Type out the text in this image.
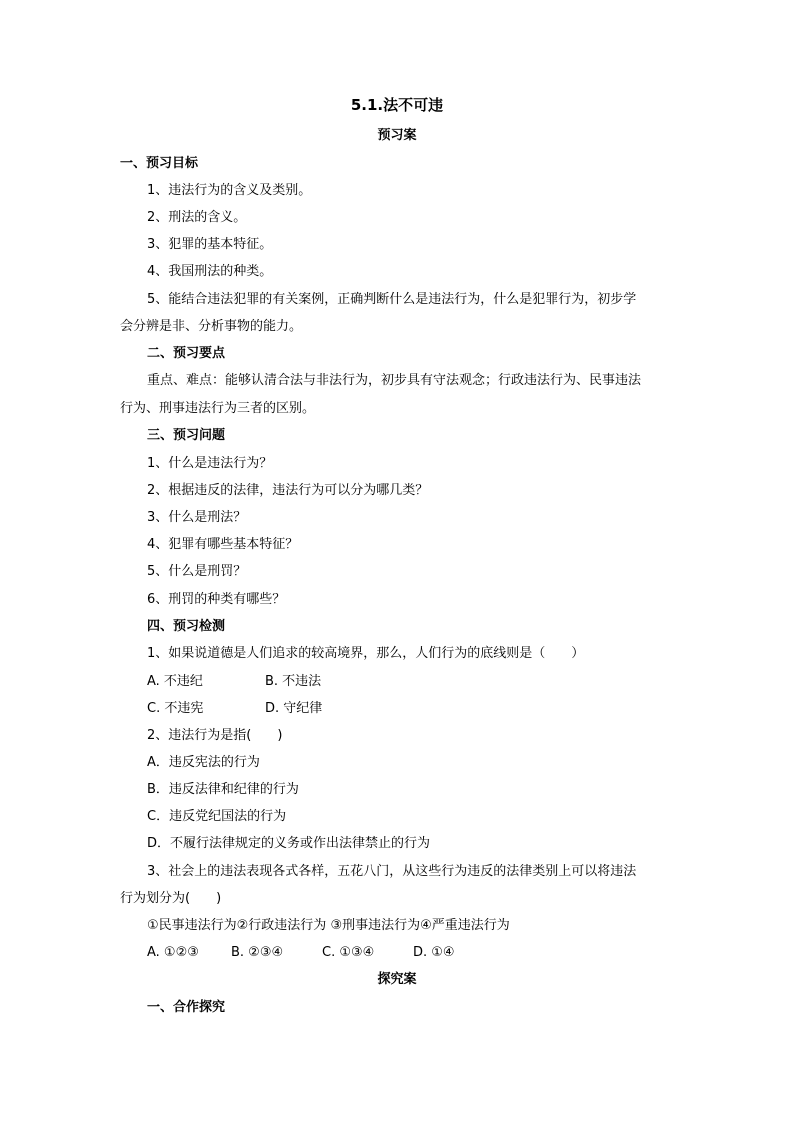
5.1.法不可违
预习案
一、预习目标
1、违法行为的含义及类别。
2、刑法的含义。
3、犯罪的基本特征。
4、我国刑法的种类。
5、能结合违法犯罪的有关案例，正确判断什么是违法行为，什么是犯罪行为，初步学
会分辨是非、分析事物的能力。
二、预习要点
重点、难点：能够认清合法与非法行为，初步具有守法观念；行政违法行为、民事违法
行为、刑事违法行为三者的区别。
三、预习问题
1、什么是违法行为？
2、根据违反的法律，违法行为可以分为哪几类？
3、什么是刑法？
4、犯罪有哪些基本特征？
5、什么是刑罚？
6、刑罚的种类有哪些？
四、预习检测
1、如果说道德是人们追求的较高境界，那么，人们行为的底线则是（　　）
A. 不违纪	B. 不违法
C. 不违宪	D. 守纪律
2、违法行为是指(　　)
A．违反宪法的行为
B．违反法律和纪律的行为
C．违反党纪国法的行为
D．不履行法律规定的义务或作出法律禁止的行为
3、社会上的违法表现各式各样，五花八门，从这些行为违反的法律类别上可以将违法
行为划分为(　　)
①民事违法行为②行政违法行为 ③刑事违法行为④严重违法行为
A. ①②③ B. ②③④	C. ①③④	D. ①④
探究案
一、合作探究
